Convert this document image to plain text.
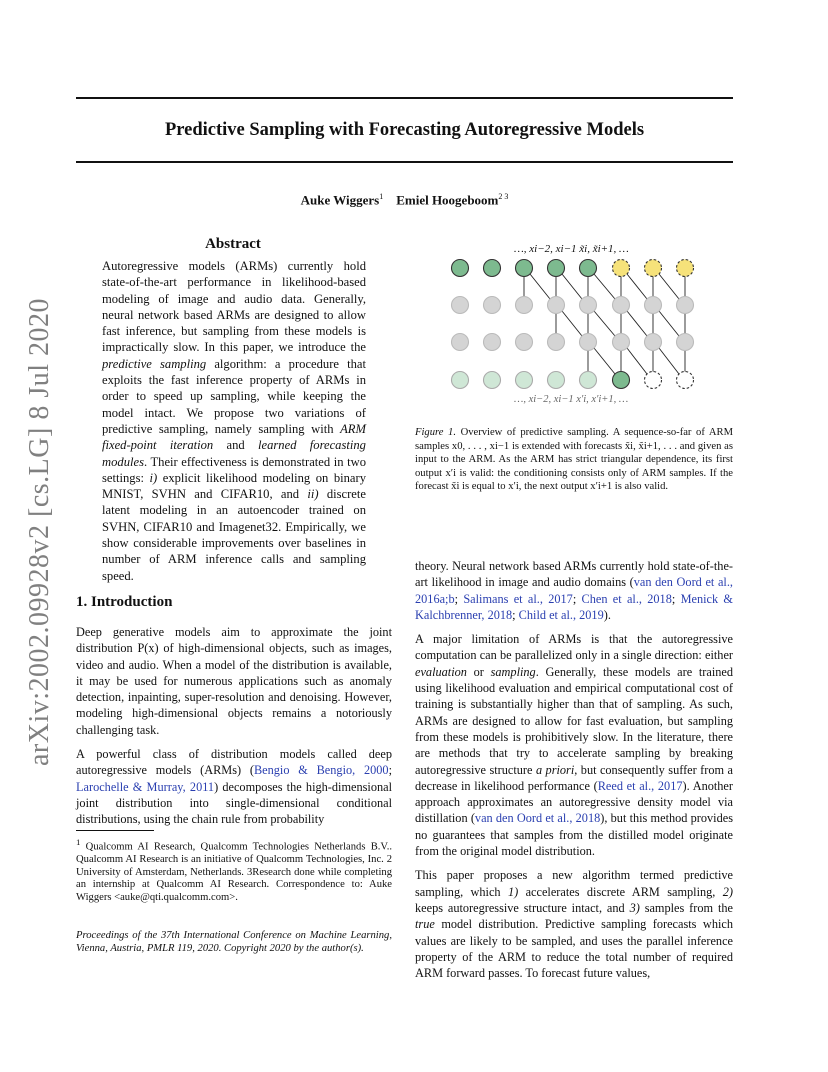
Predictive Sampling with Forecasting Autoregressive Models
Auke Wiggers$^1$ Emiel Hoogeboom$^{2 3}$
arXiv:2002.09928v2 [cs.LG] 8 Jul 2020
Abstract
Autoregressive models (ARMs) currently hold state-of-the-art performance in likelihood-based modeling of image and audio data. Generally, neural network based ARMs are designed to allow fast inference, but sampling from these models is impractically slow. In this paper, we introduce the predictive sampling algorithm: a procedure that exploits the fast inference property of ARMs in order to speed up sampling, while keeping the model intact. We propose two variations of predictive sampling, namely sampling with ARM fixed-point iteration and learned forecasting modules. Their effectiveness is demonstrated in two settings: i) explicit likelihood modeling on binary MNIST, SVHN and CIFAR10, and ii) discrete latent modeling in an autoencoder trained on SVHN, CIFAR10 and Imagenet32. Empirically, we show considerable improvements over baselines in number of ARM inference calls and sampling speed.
1. Introduction

Deep generative models aim to approximate the joint distribution P(x) of high-dimensional objects, such as images, video and audio. When a model of the distribution is available, it may be used for numerous applications such as anomaly detection, inpainting, super-resolution and denoising. However, modeling high-dimensional objects remains a notoriously challenging task.

A powerful class of distribution models called deep autoregressive models (ARMs) (Bengio & Bengio, 2000; Larochelle & Murray, 2011) decomposes the high-dimensional joint distribution into single-dimensional conditional distributions, using the chain rule from probability

$^1$ Qualcomm AI Research, Qualcomm Technologies Netherlands B.V.. Qualcomm AI Research is an initiative of Qualcomm Technologies, Inc. 2 University of Amsterdam, Netherlands. 3Research done while completing an internship at Qualcomm AI Research. Correspondence to: Auke Wiggers <auke@qti.qualcomm.com>.
Proceedings of the 37th International Conference on Machine Learning, Vienna, Austria, PMLR 119, 2020. Copyright 2020 by the author(s).
…, xi−2, xi−1 x̃i, x̃i+1, …
…, xi−2, xi−1 x′i, x′i+1, …
Figure 1. Overview of predictive sampling. A sequence-so-far of ARM samples x0, . . . , xi−1 is extended with forecasts x̃i, x̃i+1, . . . and given as input to the ARM. As the ARM has strict triangular dependence, its first output x′i is valid: the conditioning consists only of ARM samples. If the forecast x̃i is equal to x′i, the next output x′i+1 is also valid.

theory. Neural network based ARMs currently hold state-of-the-art likelihood in image and audio domains (van den Oord et al., 2016a;b; Salimans et al., 2017; Chen et al., 2018; Menick & Kalchbrenner, 2018; Child et al., 2019).

A major limitation of ARMs is that the autoregressive computation can be parallelized only in a single direction: either evaluation or sampling. Generally, these models are trained using likelihood evaluation and empirical computational cost of training is substantially higher than that of sampling. As such, ARMs are designed to allow for fast evaluation, but sampling from these models is prohibitively slow. In the literature, there are methods that try to accelerate sampling by breaking autoregressive structure a priori, but consequently suffer from a decrease in likelihood performance (Reed et al., 2017). Another approach approximates an autoregressive density model via distillation (van den Oord et al., 2018), but this method provides no guarantees that samples from the distilled model originate from the original model distribution.

This paper proposes a new algorithm termed predictive sampling, which 1) accelerates discrete ARM sampling, 2) keeps autoregressive structure intact, and 3) samples from the true model distribution. Predictive sampling forecasts which values are likely to be sampled, and uses the parallel inference property of the ARM to reduce the total number of required ARM forward passes. To forecast future values,
